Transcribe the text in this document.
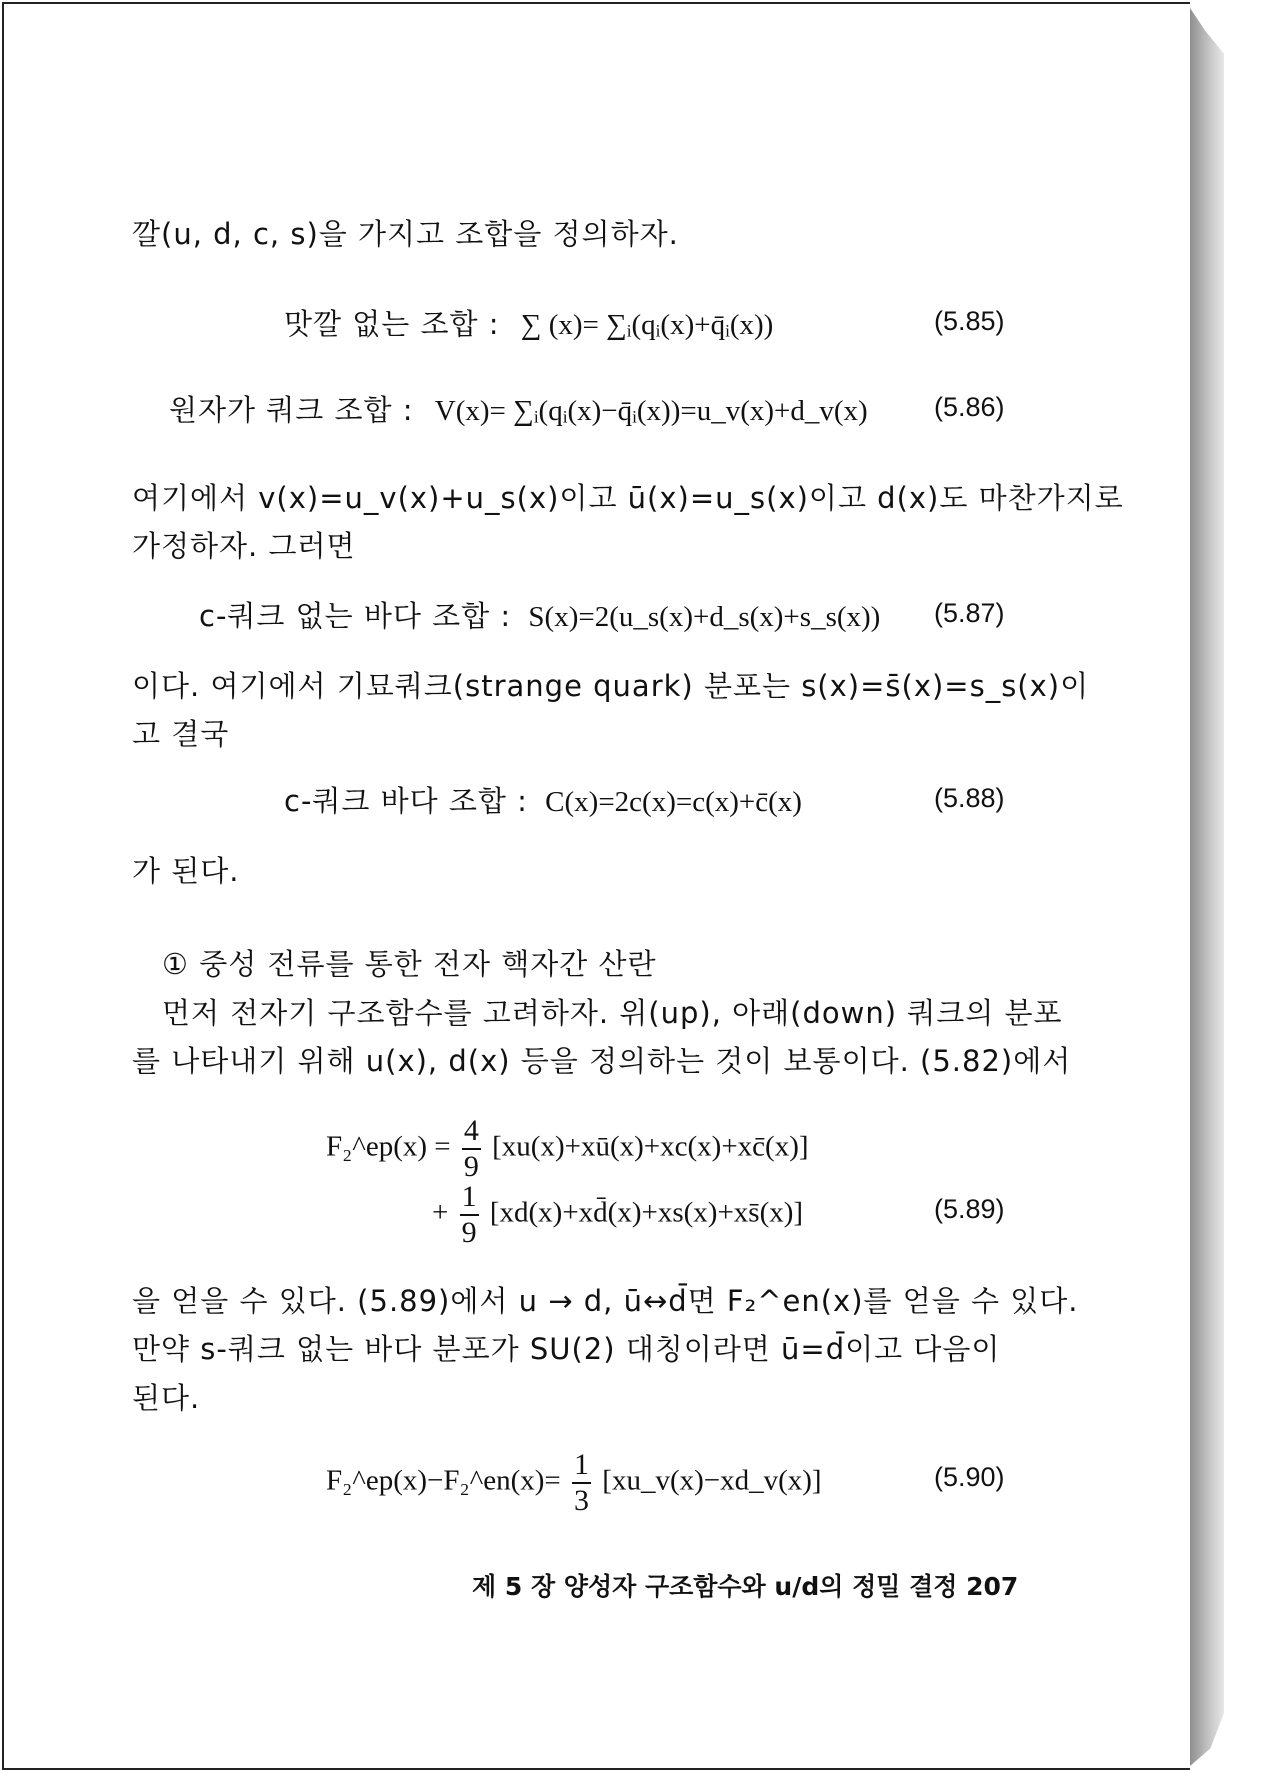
깔(u, d, c, s)을 가지고 조합을 정의하자.
맛깔 없는 조합 : ∑ (x)= ∑ᵢ(qᵢ(x)+q̄ᵢ(x))	(5.85)
원자가 쿼크 조합 : V(x)= ∑ᵢ(qᵢ(x)−q̄ᵢ(x))=u_v(x)+d_v(x) (5.86)
여기에서 v(x)=u_v(x)+u_s(x)이고 ū(x)=u_s(x)이고 d(x)도 마찬가지로
가정하자. 그러면
c-쿼크 없는 바다 조합 : S(x)=2(u_s(x)+d_s(x)+s_s(x)) (5.87)
이다. 여기에서 기묘쿼크(strange quark) 분포는 s(x)=s̄(x)=s_s(x)이
고 결국
c-쿼크 바다 조합 : C(x)=2c(x)=c(x)+c̄(x)	(5.88)
가 된다.
① 중성 전류를 통한 전자 핵자간 산란
먼저 전자기 구조함수를 고려하자. 위(up), 아래(down) 쿼크의 분포
를 나타내기 위해 u(x), d(x) 등을 정의하는 것이 보통이다. (5.82)에서
F₂^ep(x) = $\frac{4}{9}$ [xu(x)+xū(x)+xc(x)+xc̄(x)]
+ $\frac{1}{9}$ [xd(x)+xd̄(x)+xs(x)+xs̄(x)]	(5.89)
을 얻을 수 있다. (5.89)에서 u → d, ū↔d̄면 F₂^en(x)를 얻을 수 있다.
만약 s-쿼크 없는 바다 분포가 SU(2) 대칭이라면 ū=d̄이고 다음이
된다.
F₂^ep(x)−F₂^en(x)= $\frac{1}{3}$ [xu_v(x)−xd_v(x)]	(5.90)
제 5 장 양성자 구조함수와 u/d의 정밀 결정 207
